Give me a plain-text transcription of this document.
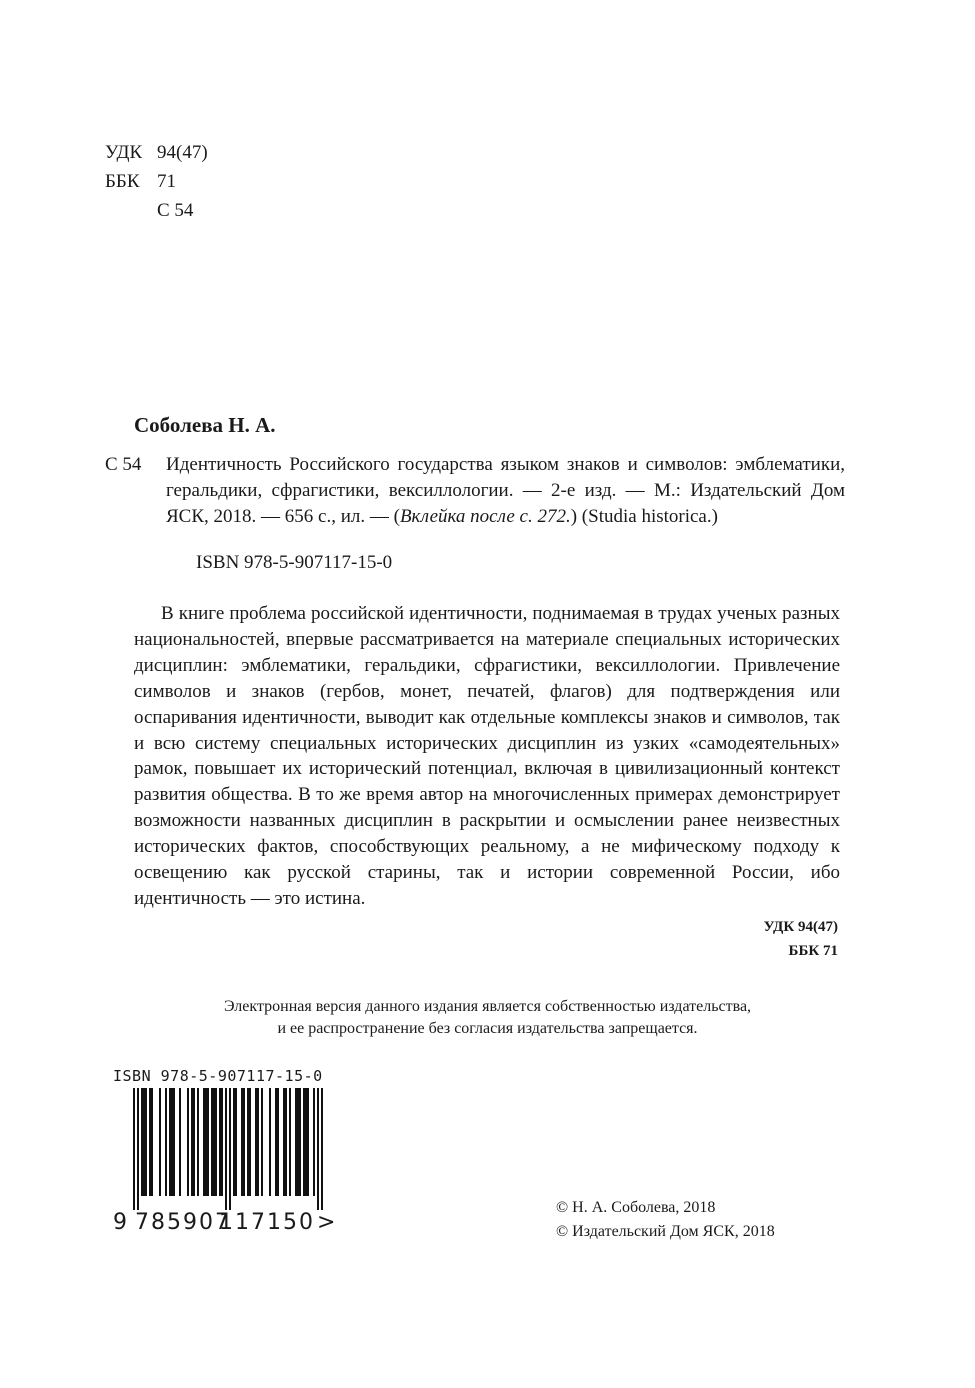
УДК 94(47)
ББК 71
С 54
Соболева Н. А.
С 54 Идентичность Российского государства языком знаков и символов: эмблематики, геральдики, сфрагистики, вексиллологии. — 2-е изд. — М.: Издательский Дом ЯСК, 2018. — 656 с., ил. — (Вклейка после с. 272.) (Studia historica.)
ISBN 978-5-907117-15-0

В книге проблема российской идентичности, поднимаемая в трудах ученых разных национальностей, впервые рассматривается на материале специальных исторических дисциплин: эмблематики, геральдики, сфрагистики, вексиллологии. Привлечение символов и знаков (гербов, монет, печатей, флагов) для подтверждения или оспаривания идентичности, выводит как отдельные комплексы знаков и символов, так и всю систему специальных исторических дисциплин из узких «самодеятельных» рамок, повышает их исторический потенциал, включая в цивилизационный контекст развития общества. В то же время автор на многочисленных примерах демонстрирует возможности названных дисциплин в раскрытии и осмыслении ранее неизвестных исторических фактов, способствующих реальному, а не мифическому подходу к освещению как русской старины, так и истории современной России, ибо идентичность — это истина.

УДК 94(47)
ББК 71
Электронная версия данного издания является собственностью издательства,
и ее распространение без согласия издательства запрещается.
ISBN 978-5-907117-15-0
9 785907
117150 >
© Н. А. Соболева, 2018
© Издательский Дом ЯСК, 2018
